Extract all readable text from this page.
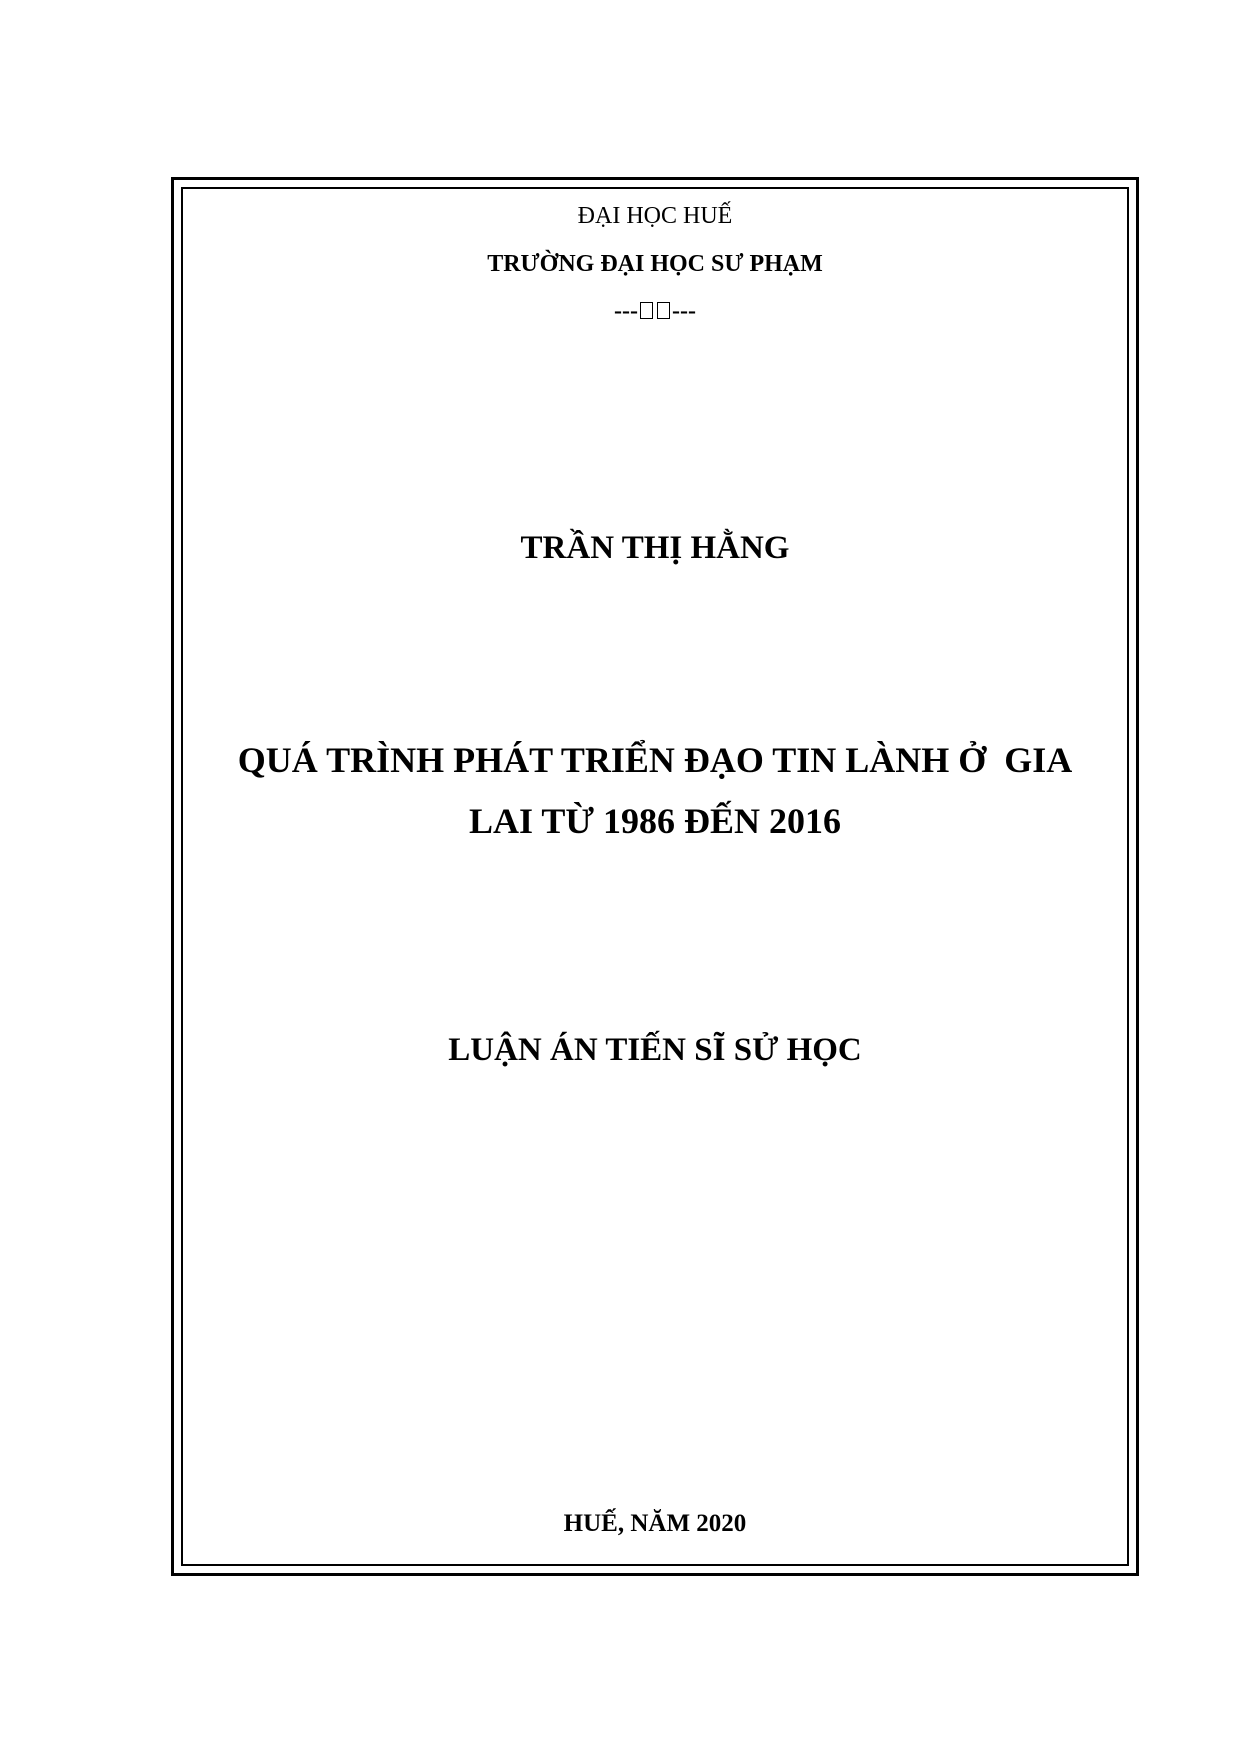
ĐẠI HỌC HUẾ
TRƯỜNG ĐẠI HỌC SƯ PHẠM
--- ---
TRẦN THỊ HẰNG
QUÁ TRÌNH PHÁT TRIỂN ĐẠO TIN LÀNH Ở  GIA
LAI TỪ 1986 ĐẾN 2016
LUẬN ÁN TIẾN SĨ SỬ HỌC
HUẾ, NĂM 2020
